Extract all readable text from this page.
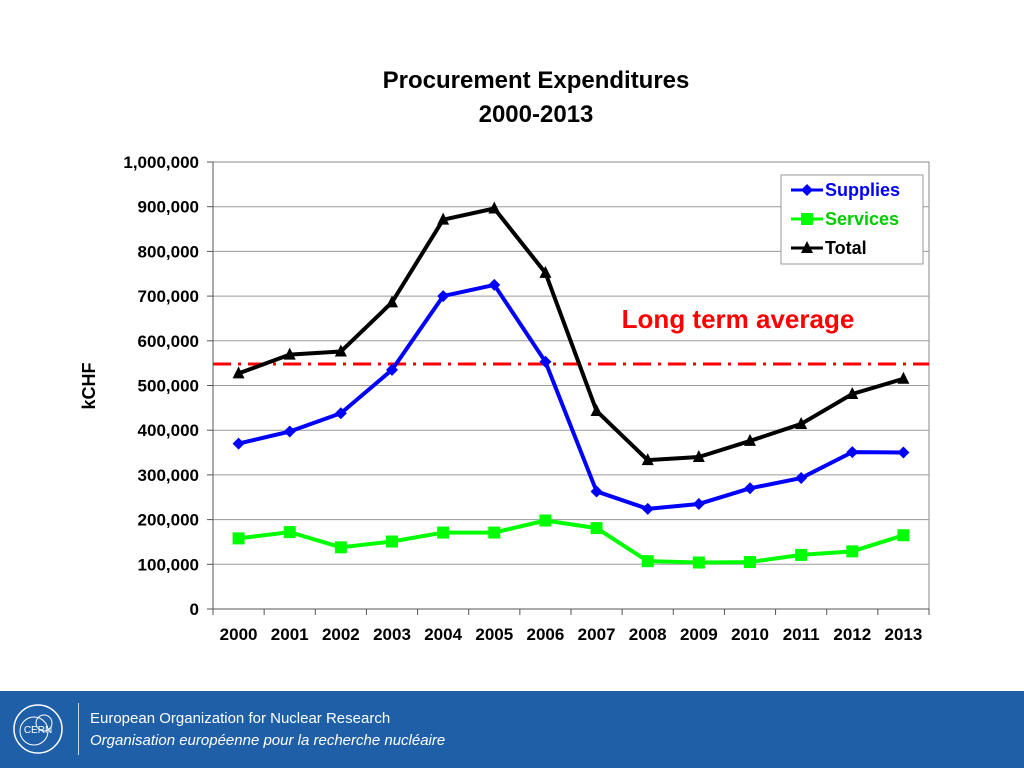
Procurement Expenditures
2000-2013
0
100,000
200,000
300,000
400,000
500,000
600,000
700,000
800,000
900,000
1,000,000
2000 2001 2002 2003 2004 2005 2006 2007 2008 2009 2010 2011 2012 2013
kCHF
Long term average
Supplies
Services
Total
CERN
European Organization for Nuclear Research
Organisation européenne pour la recherche nucléaire
